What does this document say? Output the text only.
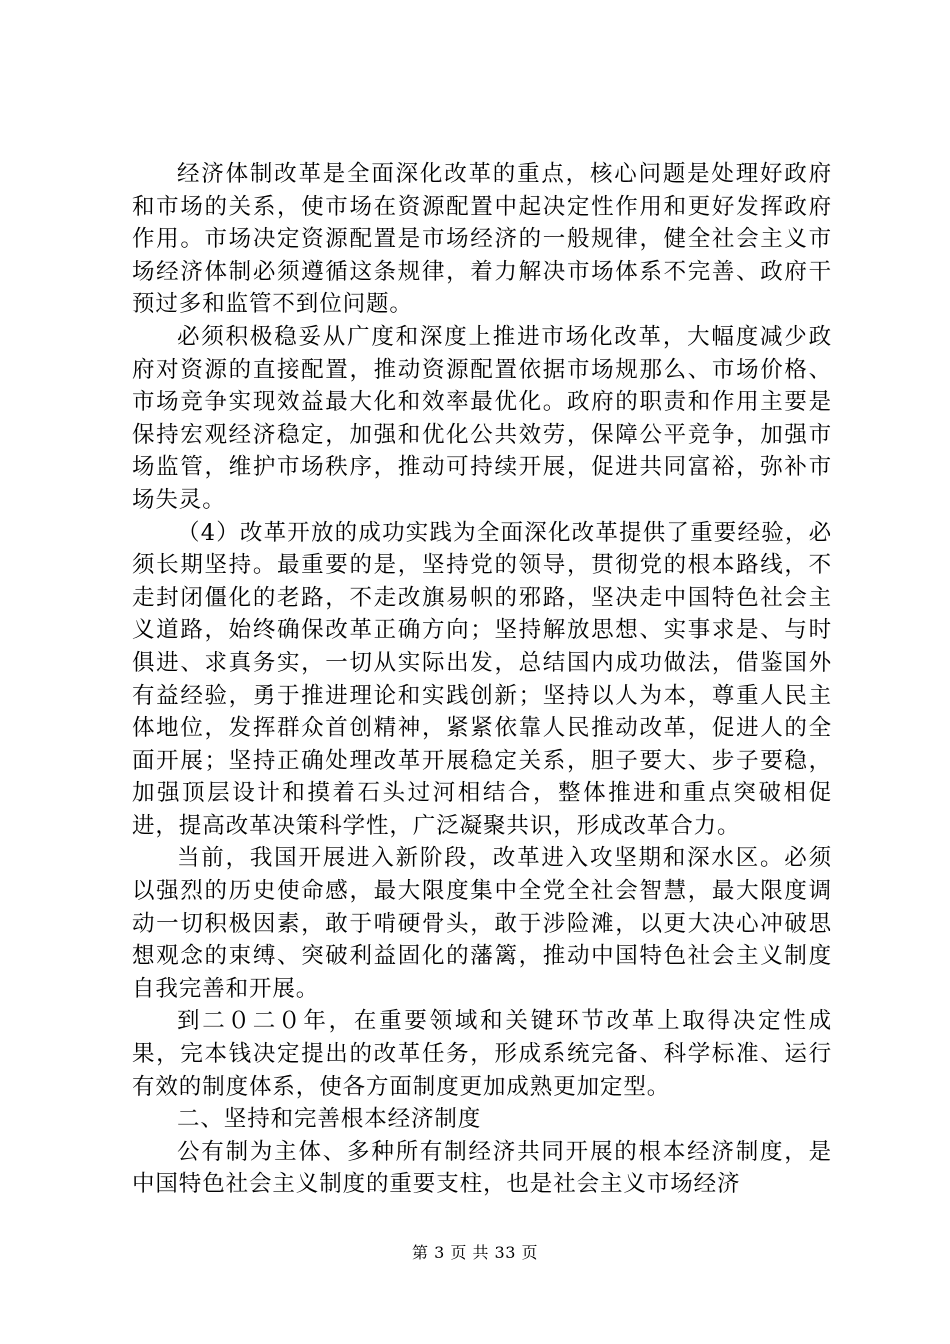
经济体制改革是全面深化改革的重点，核心问题是处理好政府和市场的关系，使市场在资源配置中起决定性作用和更好发挥政府作用。市场决定资源配置是市场经济的一般规律，健全社会主义市场经济体制必须遵循这条规律，着力解决市场体系不完善、政府干预过多和监管不到位问题。

必须积极稳妥从广度和深度上推进市场化改革，大幅度减少政府对资源的直接配置，推动资源配置依据市场规那么、市场价格、市场竞争实现效益最大化和效率最优化。政府的职责和作用主要是保持宏观经济稳定，加强和优化公共效劳，保障公平竞争，加强市场监管，维护市场秩序，推动可持续开展，促进共同富裕，弥补市场失灵。

（4）改革开放的成功实践为全面深化改革提供了重要经验，必须长期坚持。最重要的是，坚持党的领导，贯彻党的根本路线，不走封闭僵化的老路，不走改旗易帜的邪路，坚决走中国特色社会主义道路，始终确保改革正确方向；坚持解放思想、实事求是、与时俱进、求真务实，一切从实际出发，总结国内成功做法，借鉴国外有益经验，勇于推进理论和实践创新；坚持以人为本，尊重人民主体地位，发挥群众首创精神，紧紧依靠人民推动改革，促进人的全面开展；坚持正确处理改革开展稳定关系，胆子要大、步子要稳，加强顶层设计和摸着石头过河相结合，整体推进和重点突破相促进，提高改革决策科学性，广泛凝聚共识，形成改革合力。

当前，我国开展进入新阶段，改革进入攻坚期和深水区。必须以强烈的历史使命感，最大限度集中全党全社会智慧，最大限度调动一切积极因素，敢于啃硬骨头，敢于涉险滩，以更大决心冲破思想观念的束缚、突破利益固化的藩篱，推动中国特色社会主义制度自我完善和开展。

到二０二０年，在重要领域和关键环节改革上取得决定性成果，完本钱决定提出的改革任务，形成系统完备、科学标准、运行有效的制度体系，使各方面制度更加成熟更加定型。

二、坚持和完善根本经济制度

公有制为主体、多种所有制经济共同开展的根本经济制度，是中国特色社会主义制度的重要支柱，也是社会主义市场经济

第 3 页 共 33 页
